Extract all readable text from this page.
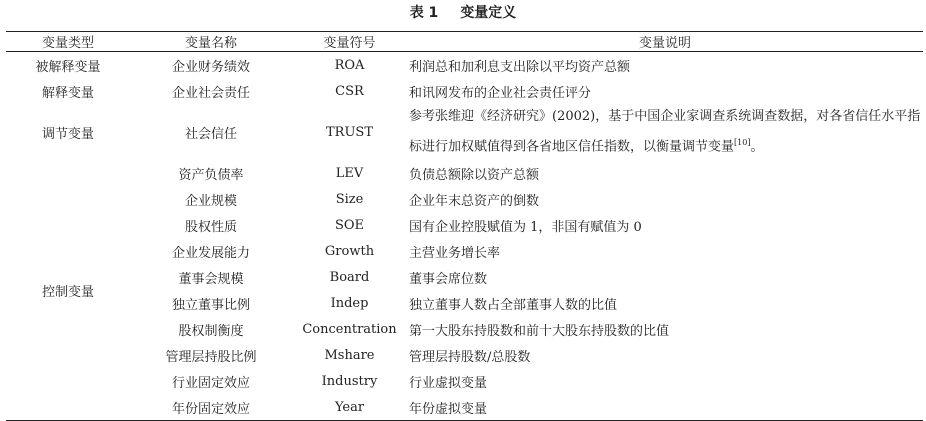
表 1 变量定义
变量类型	变量名称	变量符号	变量说明
被解释变量	企业财务绩效	ROA	利润总和加利息支出除以平均资产总额
解释变量	企业社会责任	CSR	和讯网发布的企业社会责任评分
调节变量	社会信任	TRUST	参考张维迎《经济研究》(2002)，基于中国企业家调查系统调查数据，对各省信任水平指标进行加权赋值得到各省地区信任指数，以衡量调节变量[10]。
控制变量	资产负债率	LEV	负债总额除以资产总额
	企业规模	Size	企业年末总资产的倒数
	股权性质	SOE	国有企业控股赋值为 1，非国有赋值为 0
	企业发展能力	Growth	主营业务增长率
	董事会规模	Board	董事会席位数
	独立董事比例	Indep	独立董事人数占全部董事人数的比值
	股权制衡度	Concentration	第一大股东持股数和前十大股东持股数的比值
	管理层持股比例	Mshare	管理层持股数/总股数
	行业固定效应	Industry	行业虚拟变量
	年份固定效应	Year	年份虚拟变量
